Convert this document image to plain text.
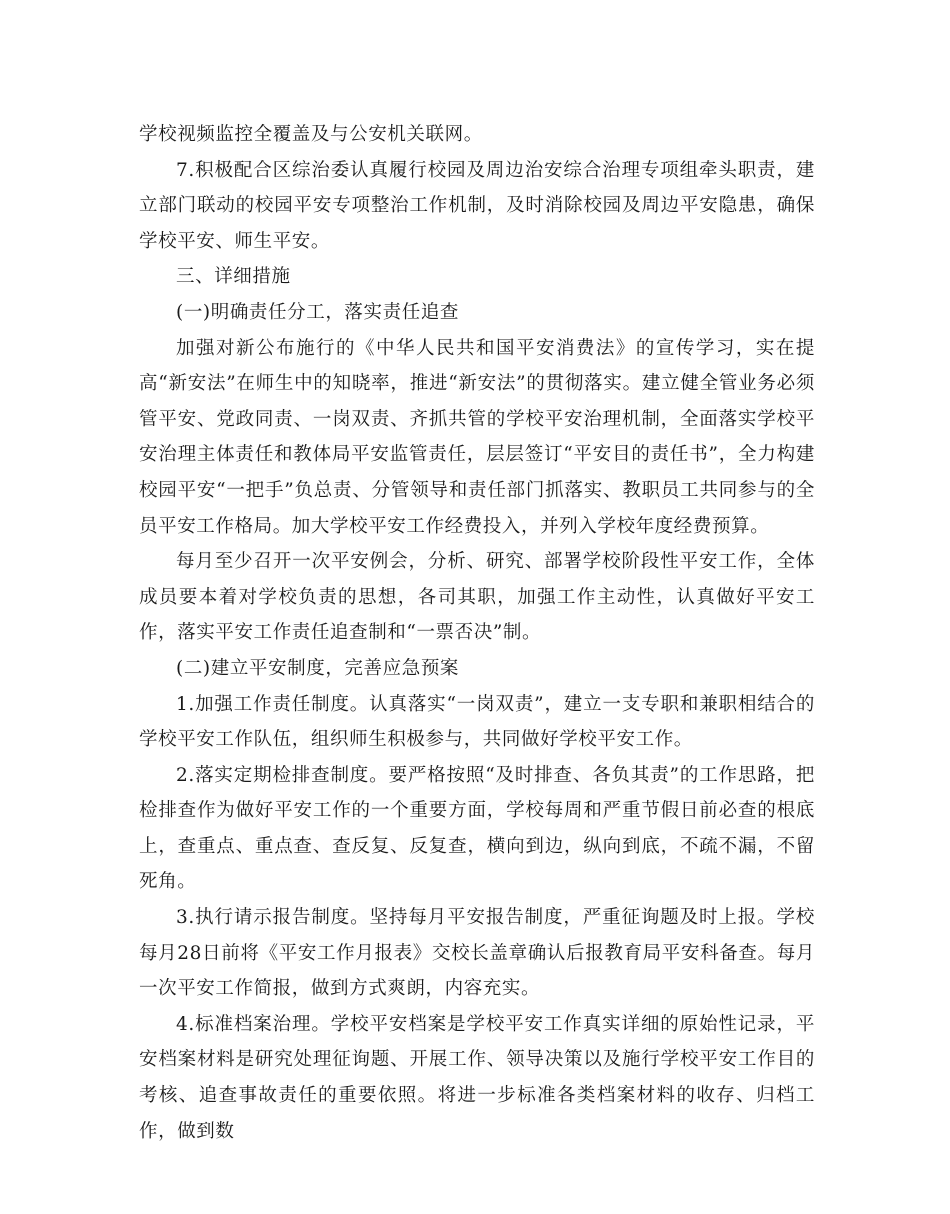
学校视频监控全覆盖及与公安机关联网。

7.积极配合区综治委认真履行校园及周边治安综合治理专项组牵头职责，建立部门联动的校园平安专项整治工作机制，及时消除校园及周边平安隐患，确保学校平安、师生平安。

三、详细措施

(一)明确责任分工，落实责任追查

加强对新公布施行的《中华人民共和国平安消费法》的宣传学习，实在提高“新安法”在师生中的知晓率，推进“新安法”的贯彻落实。建立健全管业务必须管平安、党政同责、一岗双责、齐抓共管的学校平安治理机制，全面落实学校平安治理主体责任和教体局平安监管责任，层层签订“平安目的责任书”，全力构建校园平安“一把手”负总责、分管领导和责任部门抓落实、教职员工共同参与的全员平安工作格局。加大学校平安工作经费投入，并列入学校年度经费预算。

每月至少召开一次平安例会，分析、研究、部署学校阶段性平安工作，全体成员要本着对学校负责的思想，各司其职，加强工作主动性，认真做好平安工作，落实平安工作责任追查制和“一票否决”制。

(二)建立平安制度，完善应急预案

1.加强工作责任制度。认真落实“一岗双责”，建立一支专职和兼职相结合的学校平安工作队伍，组织师生积极参与，共同做好学校平安工作。

2.落实定期检排查制度。要严格按照“及时排查、各负其责”的工作思路，把检排查作为做好平安工作的一个重要方面，学校每周和严重节假日前必查的根底上，查重点、重点查、查反复、反复查，横向到边，纵向到底，不疏不漏，不留死角。

3.执行请示报告制度。坚持每月平安报告制度，严重征询题及时上报。学校每月28日前将《平安工作月报表》交校长盖章确认后报教育局平安科备查。每月一次平安工作简报，做到方式爽朗，内容充实。

4.标准档案治理。学校平安档案是学校平安工作真实详细的原始性记录，平安档案材料是研究处理征询题、开展工作、领导决策以及施行学校平安工作目的考核、追查事故责任的重要依照。将进一步标准各类档案材料的收存、归档工作，做到数
